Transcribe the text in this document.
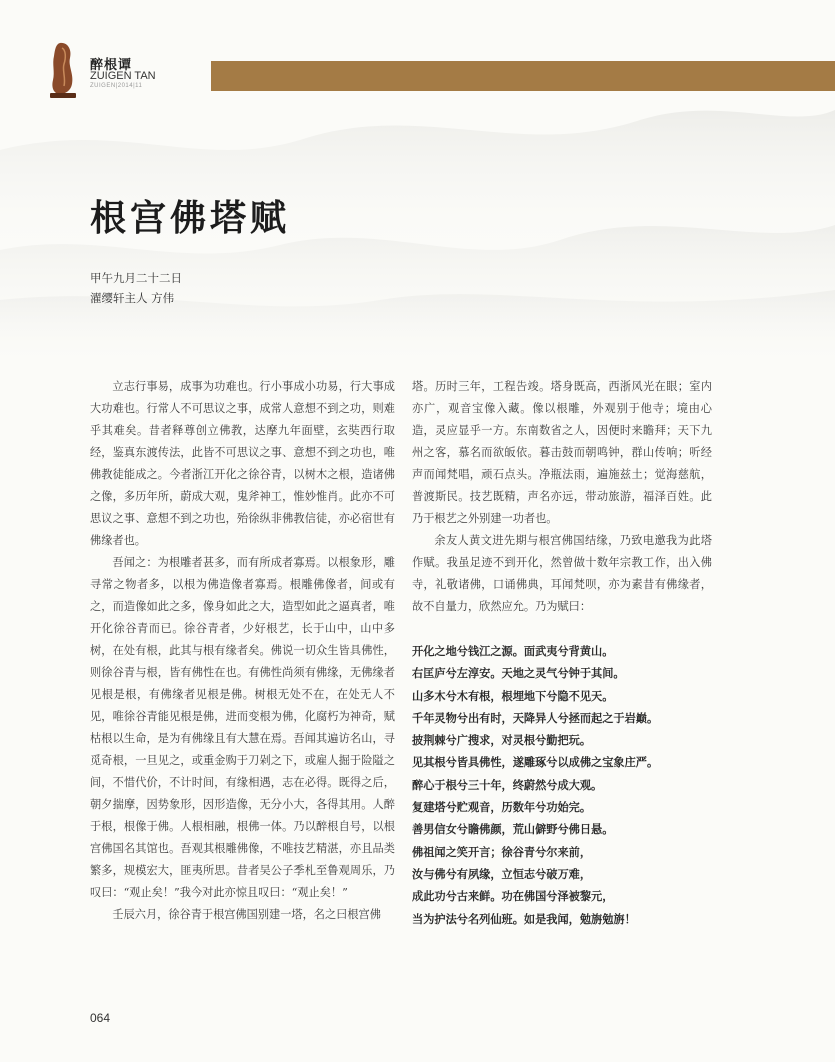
醉根谭
ZUIGEN TAN
ZUIGEN|2014|11
根宫佛塔赋
甲午九月二十二日
濯缨轩主人 方伟

立志行事易，成事为功难也。行小事成小功易，行大事成大功难也。行常人不可思议之事，成常人意想不到之功，则难乎其难矣。昔者释尊创立佛教，达摩九年面壁，玄奘西行取经，鉴真东渡传法，此皆不可思议之事、意想不到之功也，唯佛教徒能成之。今者浙江开化之徐谷青，以树木之根，造诸佛之像，多历年所，蔚成大观，鬼斧神工，惟妙惟肖。此亦不可思议之事、意想不到之功也，殆徐纵非佛教信徒，亦必宿世有佛缘者也。

吾闻之：为根雕者甚多，而有所成者寡焉。以根象形，雕寻常之物者多，以根为佛造像者寡焉。根雕佛像者，间或有之，而造像如此之多，像身如此之大，造型如此之逼真者，唯开化徐谷青而已。徐谷青者，少好根艺，长于山中，山中多树，在处有根，此其与根有缘者矣。佛说一切众生皆具佛性，则徐谷青与根，皆有佛性在也。有佛性尚须有佛缘，无佛缘者见根是根，有佛缘者见根是佛。树根无处不在，在处无人不见，唯徐谷青能见根是佛，进而变根为佛，化腐朽为神奇，赋枯根以生命，是为有佛缘且有大慧在焉。吾闻其遍访名山，寻觅奇根，一旦见之，或重金购于刀剁之下，或雇人掘于险隘之间，不惜代价，不计时间，有缘相遇，志在必得。既得之后，朝夕揣摩，因势象形，因形造像，无分小大，各得其用。人醉于根，根像于佛。人根相融，根佛一体。乃以醉根自号，以根宫佛国名其馆也。吾观其根雕佛像，不唯技艺精湛，亦且品类繁多，规模宏大，匪夷所思。昔者吴公子季札至鲁观周乐，乃叹曰：“观止矣！”我今对此亦惊且叹曰：“观止矣！”

壬辰六月，徐谷青于根宫佛国别建一塔，名之曰根宫佛

塔。历时三年，工程告竣。塔身既高，西浙风光在眼；室内亦广，观音宝像入藏。像以根雕，外观别于他寺；境由心造，灵应显乎一方。东南数省之人，因便时来瞻拜；天下九州之客，慕名而欲皈依。暮击鼓而朝鸣钟，群山传响；听经声而闻梵唱，顽石点头。净瓶法雨，遍施兹土；觉海慈航，普渡斯民。技艺既精，声名亦远，带动旅游，福泽百姓。此乃于根艺之外别建一功者也。

余友人黄文进先期与根宫佛国结缘，乃致电邀我为此塔作赋。我虽足迹不到开化，然曾做十数年宗教工作，出入佛寺，礼敬诸佛，口诵佛典，耳闻梵呗，亦为素昔有佛缘者，故不自量力，欣然应允。乃为赋曰：

开化之地兮钱江之源。面武夷兮背黄山。
右匡庐兮左淳安。天地之灵气兮钟于其间。
山多木兮木有根，根埋地下兮隐不见天。
千年灵物兮出有时，天降异人兮拯而起之于岩巅。
披荆棘兮广搜求，对灵根兮勤把玩。
见其根兮皆具佛性，遂雕琢兮以成佛之宝象庄严。
醉心于根兮三十年，终蔚然兮成大观。
复建塔兮贮观音，历数年兮功始完。
善男信女兮瞻佛颜，荒山僻野兮佛日悬。
佛祖闻之笑开言；徐谷青兮尔来前，
汝与佛兮有夙缘，立恒志兮破万难，
成此功兮古来鲜。功在佛国兮泽被黎元，
当为护法兮名列仙班。如是我闻，勉旃勉旃！
064
